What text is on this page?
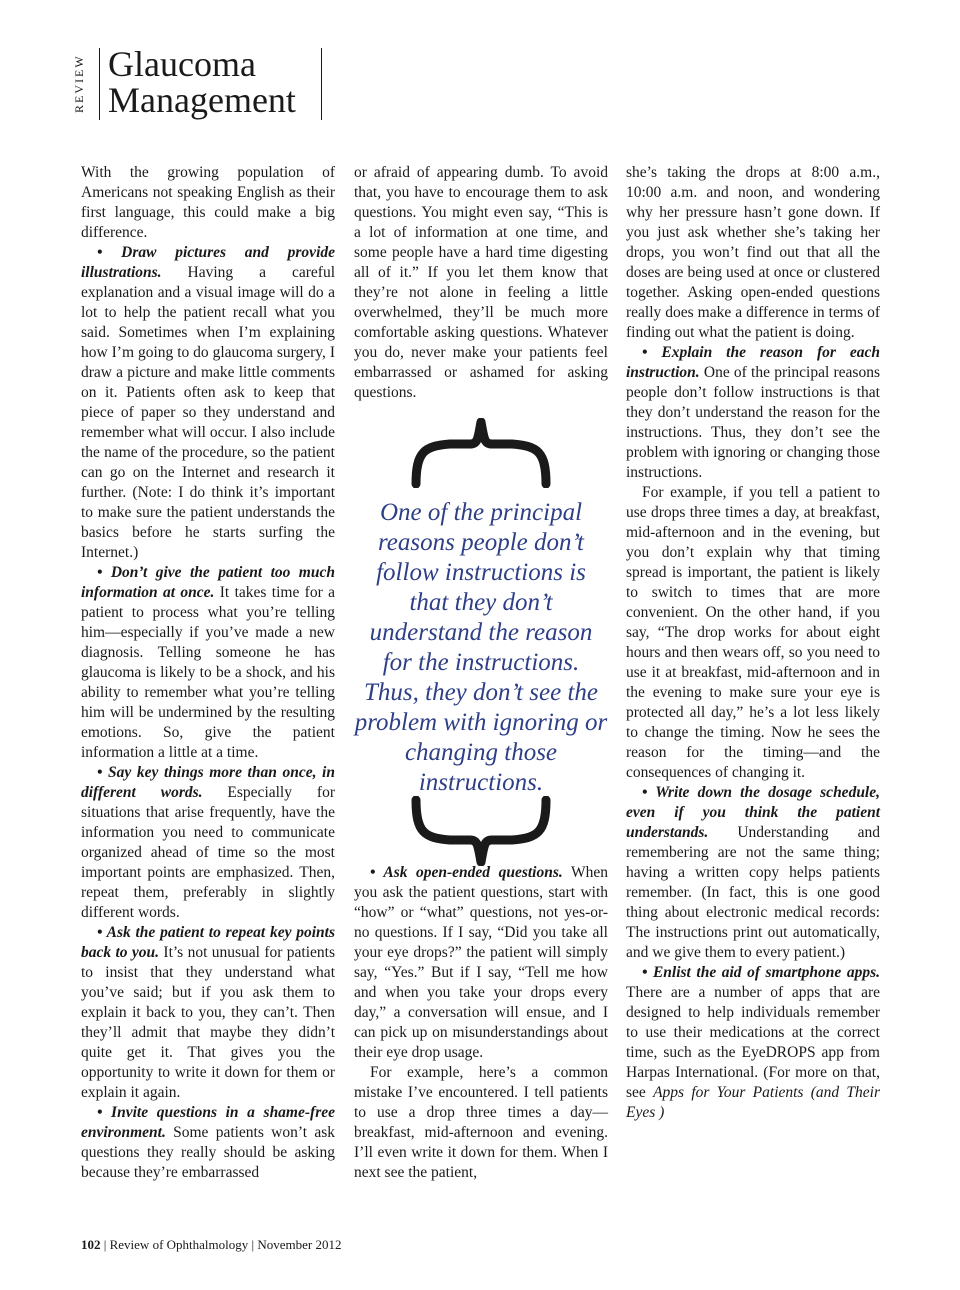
REVIEW Glaucoma
Management

With the growing population of Americans not speaking English as their first language, this could make a big difference.

• Draw pictures and provide illustrations. Having a careful explanation and a visual image will do a lot to help the patient recall what you said. Sometimes when I’m explaining how I’m going to do glaucoma surgery, I draw a picture and make little comments on it. Patients often ask to keep that piece of paper so they understand and remember what will occur. I also include the name of the procedure, so the patient can go on the Internet and research it further. (Note: I do think it’s important to make sure the patient understands the basics before he starts surfing the Internet.)

• Don’t give the patient too much information at once. It takes time for a patient to process what you’re telling him—especially if you’ve made a new diagnosis. Telling someone he has glaucoma is likely to be a shock, and his ability to remember what you’re telling him will be undermined by the resulting emotions. So, give the patient information a little at a time.

• Say key things more than once, in different words. Especially for situations that arise frequently, have the information you need to communicate organized ahead of time so the most important points are emphasized. Then, repeat them, preferably in slightly different words.

• Ask the patient to repeat key points back to you. It’s not unusual for patients to insist that they understand what you’ve said; but if you ask them to explain it back to you, they can’t. Then they’ll admit that maybe they didn’t quite get it. That gives you the opportunity to write it down for them or explain it again.

• Invite questions in a shame-free environment. Some patients won’t ask questions they really should be asking because they’re embarrassed

or afraid of appearing dumb. To avoid that, you have to encourage them to ask questions. You might even say, “This is a lot of information at one time, and some people have a hard time digesting all of it.” If you let them know that they’re not alone in feeling a little overwhelmed, they’ll be much more comfortable asking questions. Whatever you do, never make your patients feel embarrassed or ashamed for asking questions.

One of the principal reasons people don’t follow instructions is that they don’t understand the reason for the instructions. Thus, they don’t see the problem with ignoring or changing those instructions.

• Ask open-ended questions. When you ask the patient questions, start with “how” or “what” questions, not yes-or-no questions. If I say, “Did you take all your eye drops?” the patient will simply say, “Yes.” But if I say, “Tell me how and when you take your drops every day,” a conversation will ensue, and I can pick up on misunderstandings about their eye drop usage.

For example, here’s a common mistake I’ve encountered. I tell patients to use a drop three times a day—breakfast, mid-afternoon and evening. I’ll even write it down for them. When I next see the patient,

she’s taking the drops at 8:00 a.m., 10:00 a.m. and noon, and wondering why her pressure hasn’t gone down. If you just ask whether she’s taking her drops, you won’t find out that all the doses are being used at once or clustered together. Asking open-ended questions really does make a difference in terms of finding out what the patient is doing.

• Explain the reason for each instruction. One of the principal reasons people don’t follow instructions is that they don’t understand the reason for the instructions. Thus, they don’t see the problem with ignoring or changing those instructions.

For example, if you tell a patient to use drops three times a day, at breakfast, mid-afternoon and in the evening, but you don’t explain why that timing spread is important, the patient is likely to switch to times that are more convenient. On the other hand, if you say, “The drop works for about eight hours and then wears off, so you need to use it at breakfast, mid-afternoon and in the evening to make sure your eye is protected all day,” he’s a lot less likely to change the timing. Now he sees the reason for the timing—and the consequences of changing it.

• Write down the dosage schedule, even if you think the patient understands. Understanding and remembering are not the same thing; having a written copy helps patients remember. (In fact, this is one good thing about electronic medical records: The instructions print out automatically, and we give them to every patient.)

• Enlist the aid of smartphone apps. There are a number of apps that are designed to help individuals remember to use their medications at the correct time, such as the EyeDROPS app from Harpas International. (For more on that, see Apps for Your Patients (and Their Eyes )

102 | Review of Ophthalmology | November 2012
